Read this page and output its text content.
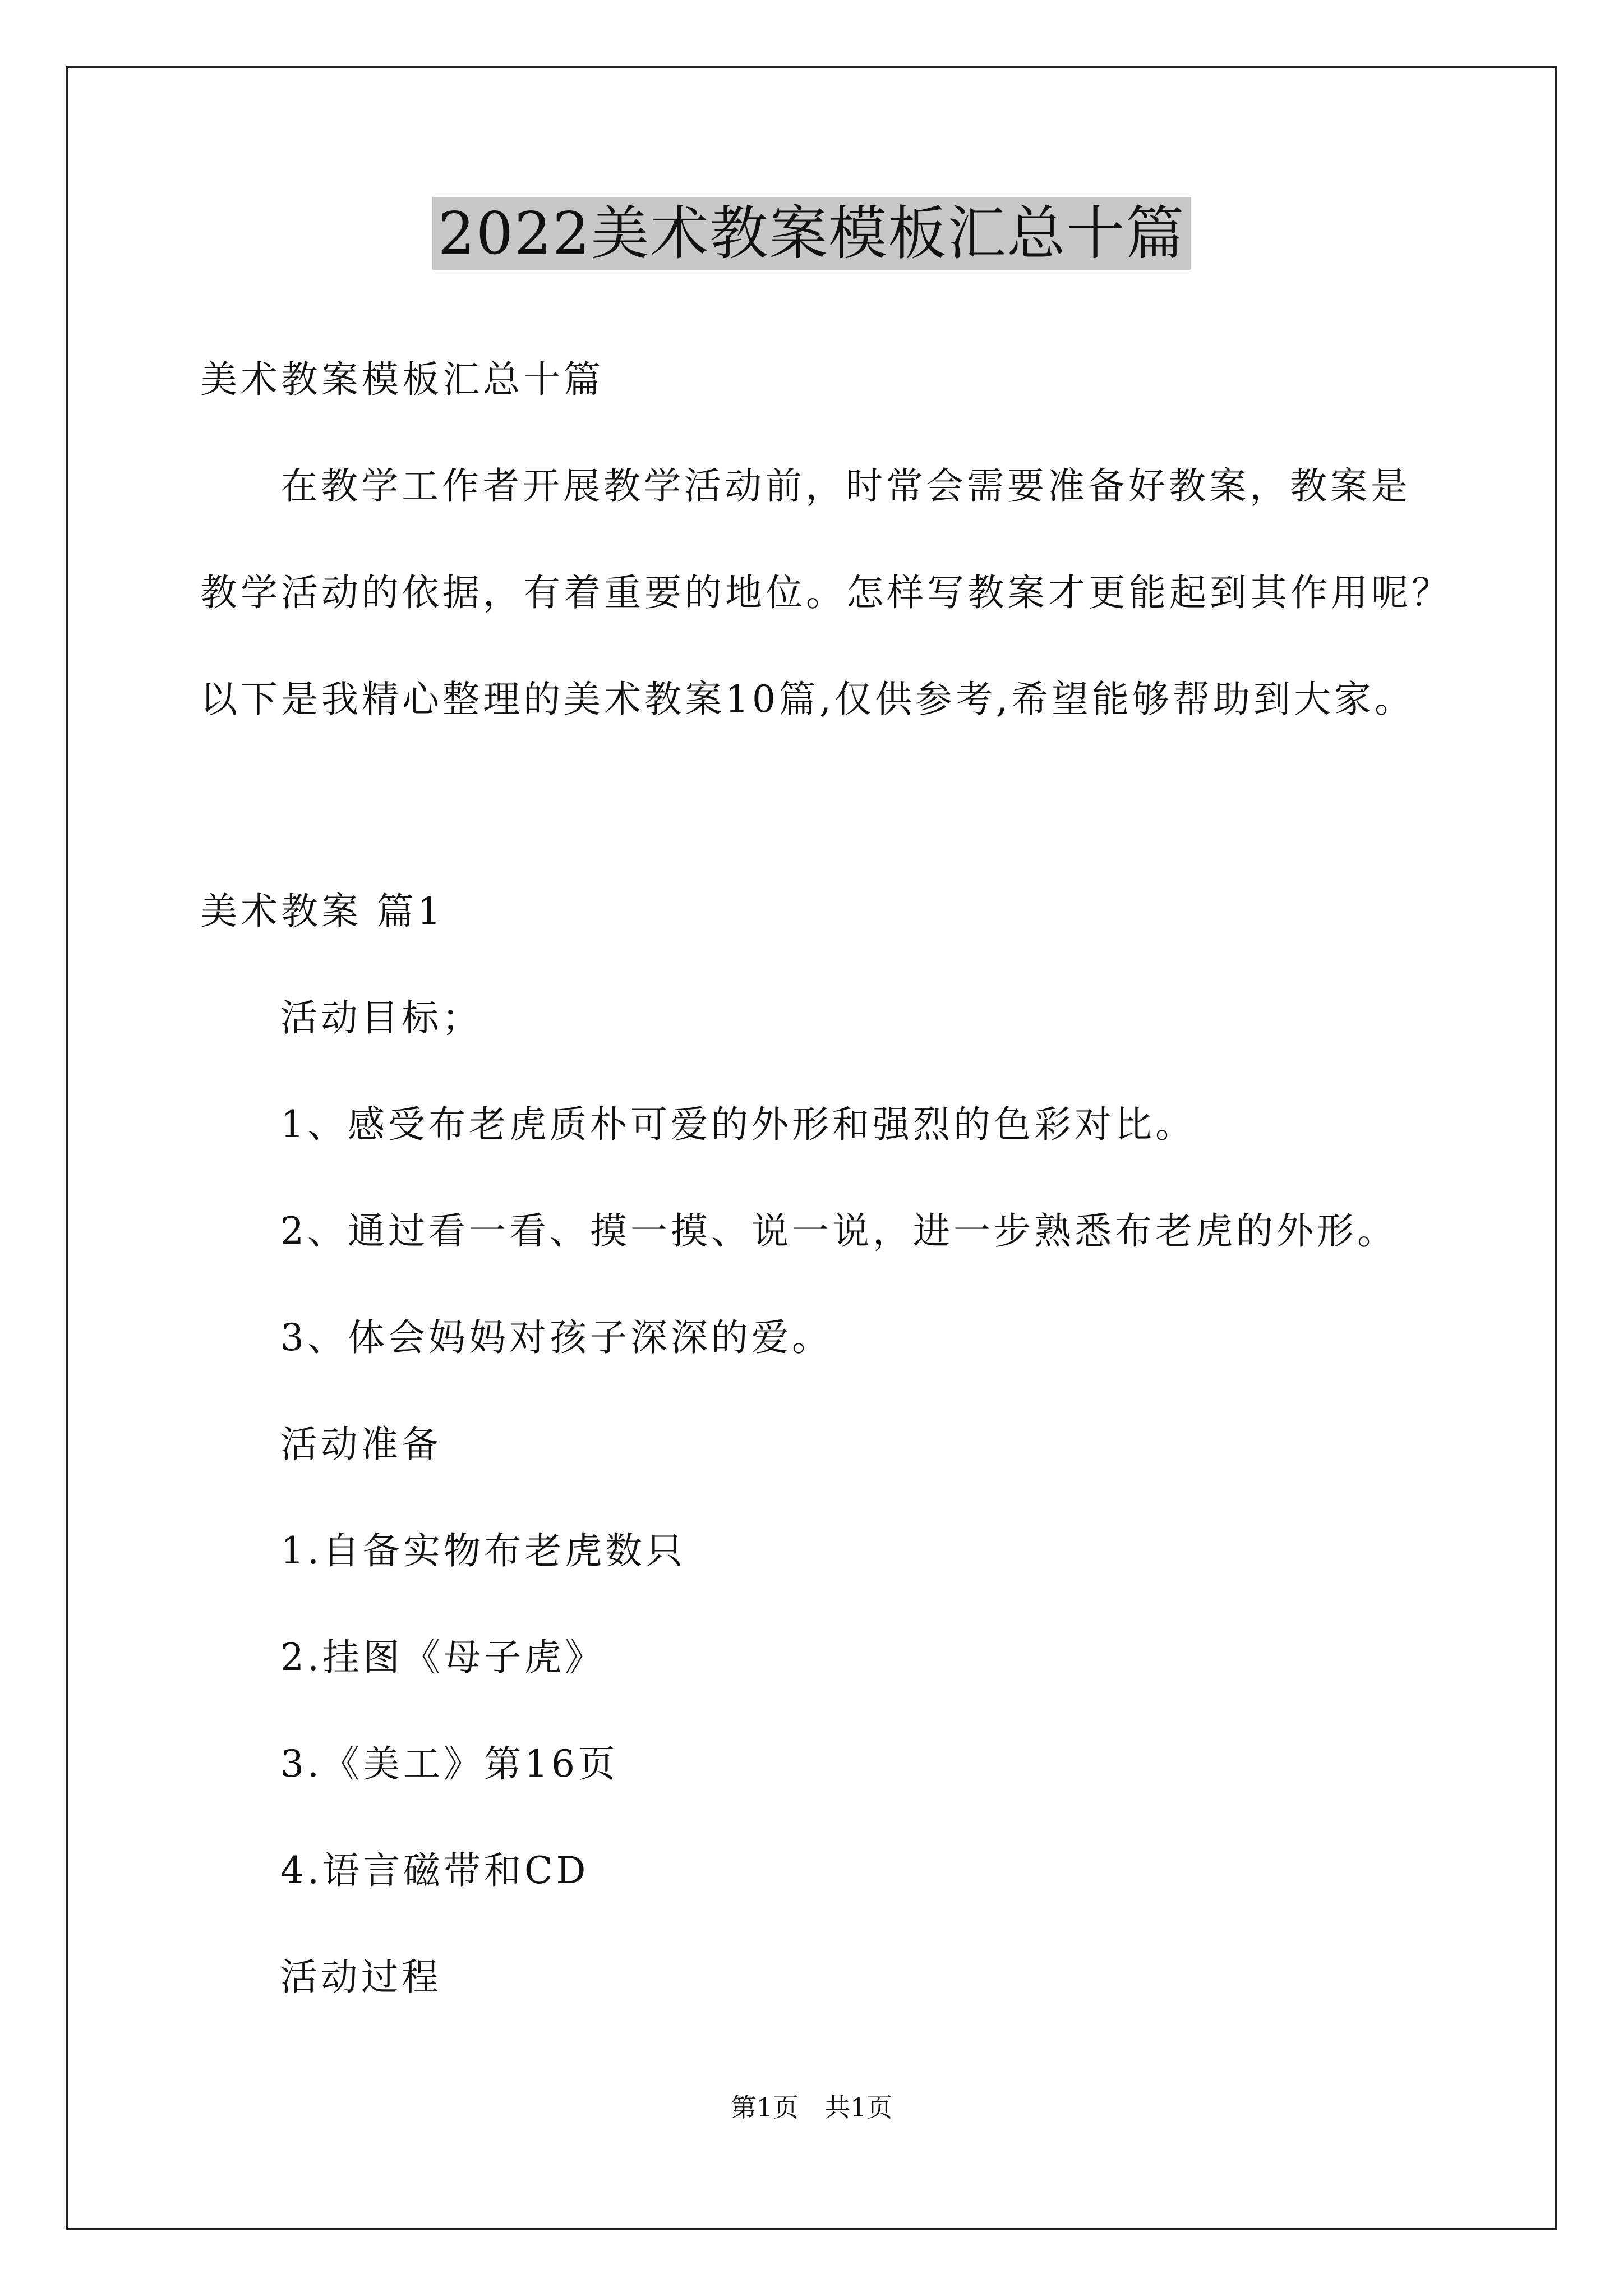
2022美术教案模板汇总十篇
美术教案模板汇总十篇
在教学工作者开展教学活动前，时常会需要准备好教案，教案是
教学活动的依据，有着重要的地位。怎样写教案才更能起到其作用呢？
以下是我精心整理的美术教案10篇,仅供参考,希望能够帮助到大家。
美术教案 篇1
活动目标；
1、感受布老虎质朴可爱的外形和强烈的色彩对比。
2、通过看一看、摸一摸、说一说，进一步熟悉布老虎的外形。
3、体会妈妈对孩子深深的爱。
活动准备
1.自备实物布老虎数只
2.挂图《母子虎》
3.《美工》第16页
4.语言磁带和CD
活动过程
第1页　共1页
